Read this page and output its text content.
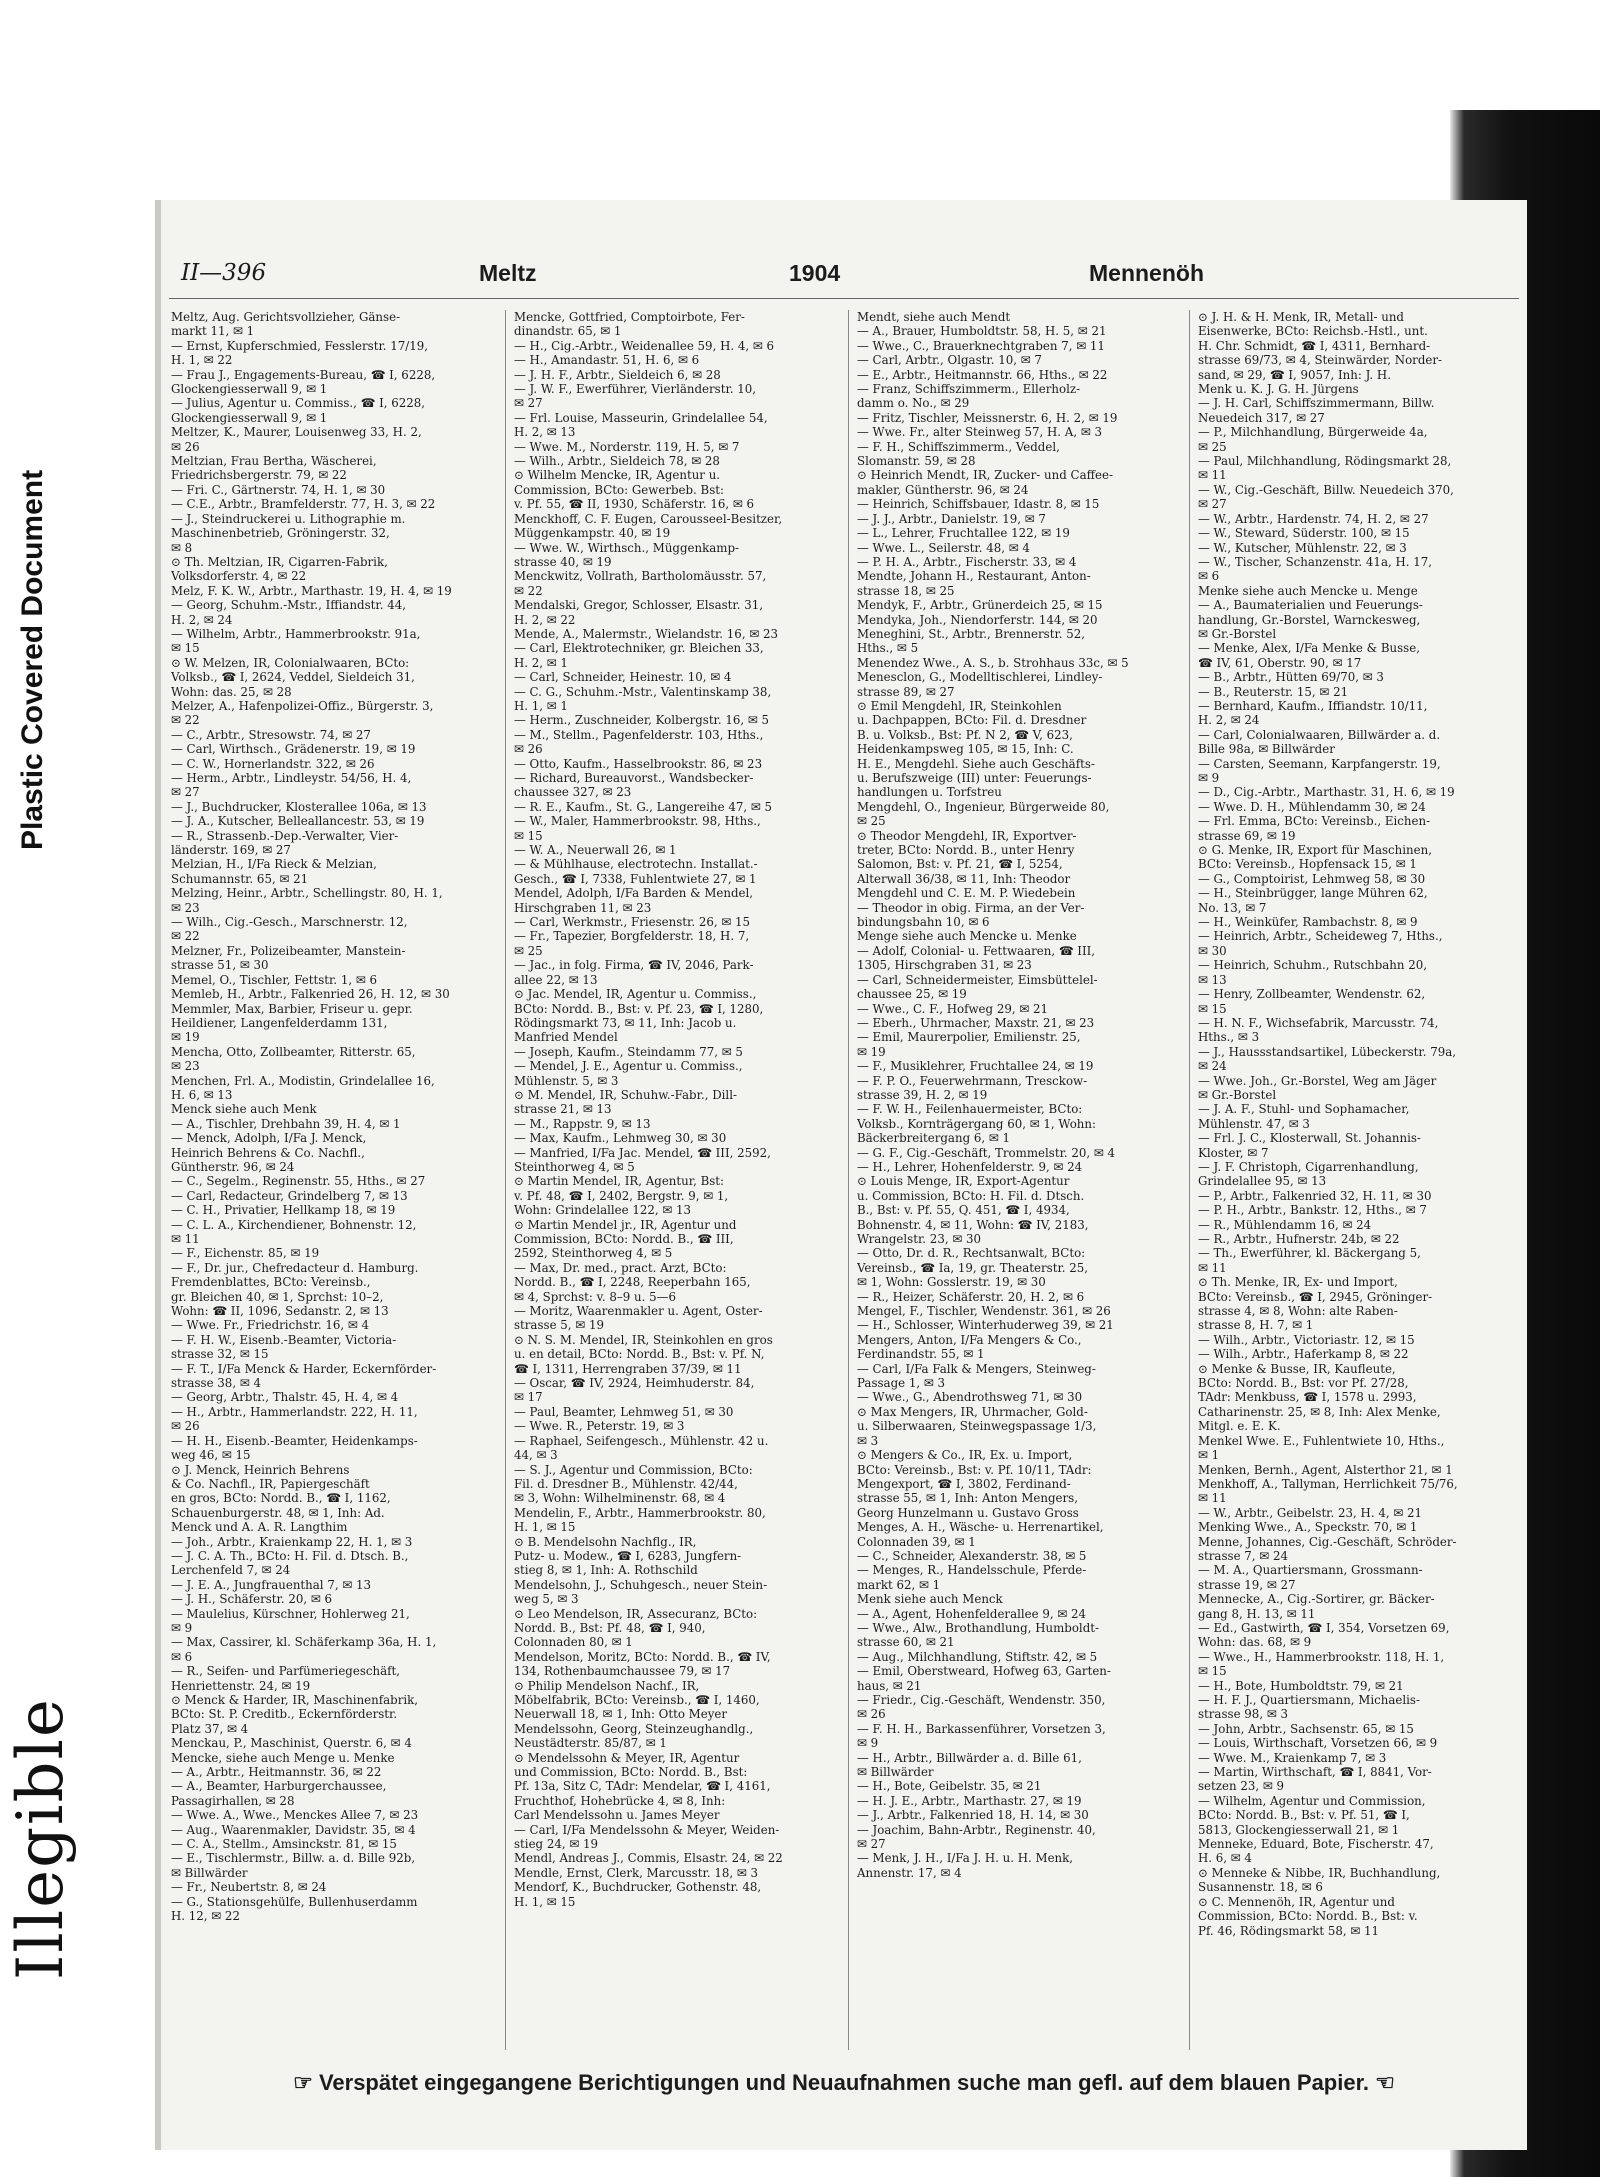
Plastic Covered Document
Illegible
II—396	Meltz	1904	Mennenöh
Meltz, Aug. Gerichtsvollzieher, Gänse-
markt 11, ✉ 1
— Ernst, Kupferschmied, Fesslerstr. 17/19,
H. 1, ✉ 22
— Frau J., Engagements-Bureau, ☎ I, 6228,
Glockengiesserwall 9, ✉ 1
— Julius, Agentur u. Commiss., ☎ I, 6228,
Glockengiesserwall 9, ✉ 1
Meltzer, K., Maurer, Louisenweg 33, H. 2,
✉ 26
Meltzian, Frau Bertha, Wäscherei,
Friedrichsbergerstr. 79, ✉ 22
— Fri. C., Gärtnerstr. 74, H. 1, ✉ 30
— C.E., Arbtr., Bramfelderstr. 77, H. 3, ✉ 22
— J., Steindruckerei u. Lithographie m.
Maschinenbetrieb, Gröningerstr. 32,
✉ 8
⊙ Th. Meltzian, IR, Cigarren-Fabrik,
Volksdorferstr. 4, ✉ 22
Melz, F. K. W., Arbtr., Marthastr. 19, H. 4, ✉ 19
— Georg, Schuhm.-Mstr., Iffiandstr. 44,
H. 2, ✉ 24
— Wilhelm, Arbtr., Hammerbrookstr. 91a,
✉ 15
⊙ W. Melzen, IR, Colonialwaaren, BCto:
Volksb., ☎ I, 2624, Veddel, Sieldeich 31,
Wohn: das. 25, ✉ 28
Melzer, A., Hafenpolizei-Offiz., Bürgerstr. 3,
✉ 22
— C., Arbtr., Stresowstr. 74, ✉ 27
— Carl, Wirthsch., Grädenerstr. 19, ✉ 19
— C. W., Hornerlandstr. 322, ✉ 26
— Herm., Arbtr., Lindleystr. 54/56, H. 4,
✉ 27
— J., Buchdrucker, Klosterallee 106a, ✉ 13
— J. A., Kutscher, Belleallancestr. 53, ✉ 19
— R., Strassenb.-Dep.-Verwalter, Vier-
länderstr. 169, ✉ 27
Melzian, H., I/Fa Rieck & Melzian,
Schumannstr. 65, ✉ 21
Melzing, Heinr., Arbtr., Schellingstr. 80, H. 1,
✉ 23
— Wilh., Cig.-Gesch., Marschnerstr. 12,
✉ 22
Melzner, Fr., Polizeibeamter, Manstein-
strasse 51, ✉ 30
Memel, O., Tischler, Fettstr. 1, ✉ 6
Memleb, H., Arbtr., Falkenried 26, H. 12, ✉ 30
Memmler, Max, Barbier, Friseur u. gepr.
Heildiener, Langenfelderdamm 131,
✉ 19
Mencha, Otto, Zollbeamter, Ritterstr. 65,
✉ 23
Menchen, Frl. A., Modistin, Grindelallee 16,
H. 6, ✉ 13
Menck siehe auch Menk
— A., Tischler, Drehbahn 39, H. 4, ✉ 1
— Menck, Adolph, I/Fa J. Menck,
Heinrich Behrens & Co. Nachfl.,
Güntherstr. 96, ✉ 24
— C., Segelm., Reginenstr. 55, Hths., ✉ 27
— Carl, Redacteur, Grindelberg 7, ✉ 13
— C. H., Privatier, Hellkamp 18, ✉ 19
— C. L. A., Kirchendiener, Bohnenstr. 12,
✉ 11
— F., Eichenstr. 85, ✉ 19
— F., Dr. jur., Chefredacteur d. Hamburg.
Fremdenblattes, BCto: Vereinsb.,
gr. Bleichen 40, ✉ 1, Sprchst: 10–2,
Wohn: ☎ II, 1096, Sedanstr. 2, ✉ 13
— Wwe. Fr., Friedrichstr. 16, ✉ 4
— F. H. W., Eisenb.-Beamter, Victoria-
strasse 32, ✉ 15
— F. T., I/Fa Menck & Harder, Eckernförder-
strasse 38, ✉ 4
— Georg, Arbtr., Thalstr. 45, H. 4, ✉ 4
— H., Arbtr., Hammerlandstr. 222, H. 11,
✉ 26
— H. H., Eisenb.-Beamter, Heidenkamps-
weg 46, ✉ 15
⊙ J. Menck, Heinrich Behrens
& Co. Nachfl., IR, Papiergeschäft
en gros, BCto: Nordd. B., ☎ I, 1162,
Schauenburgerstr. 48, ✉ 1, Inh: Ad.
Menck und A. A. R. Langthim
— Joh., Arbtr., Kraienkamp 22, H. 1, ✉ 3
— J. C. A. Th., BCto: H. Fil. d. Dtsch. B.,
Lerchenfeld 7, ✉ 24
— J. E. A., Jungfrauenthal 7, ✉ 13
— J. H., Schäferstr. 20, ✉ 6
— Maulelius, Kürschner, Hohlerweg 21,
✉ 9
— Max, Cassirer, kl. Schäferkamp 36a, H. 1,
✉ 6
— R., Seifen- und Parfümeriegeschäft,
Henriettenstr. 24, ✉ 19
⊙ Menck & Harder, IR, Maschinenfabrik,
BCto: St. P. Creditb., Eckernförderstr.
Platz 37, ✉ 4
Menckau, P., Maschinist, Querstr. 6, ✉ 4
Mencke, siehe auch Menge u. Menke
— A., Arbtr., Heitmannstr. 36, ✉ 22
— A., Beamter, Harburgerchaussee,
Passagirhallen, ✉ 28
— Wwe. A., Wwe., Menckes Allee 7, ✉ 23
— Aug., Waarenmakler, Davidstr. 35, ✉ 4
— C. A., Stellm., Amsinckstr. 81, ✉ 15
— E., Tischlermstr., Billw. a. d. Bille 92b,
✉ Billwärder
— Fr., Neubertstr. 8, ✉ 24
— G., Stationsgehülfe, Bullenhuserdamm
H. 12, ✉ 22
Mencke, Gottfried, Comptoirbote, Fer-
dinandstr. 65, ✉ 1
— H., Cig.-Arbtr., Weidenallee 59, H. 4, ✉ 6
— H., Amandastr. 51, H. 6, ✉ 6
— J. H. F., Arbtr., Sieldeich 6, ✉ 28
— J. W. F., Ewerführer, Vierländerstr. 10,
✉ 27
— Frl. Louise, Masseurin, Grindelallee 54,
H. 2, ✉ 13
— Wwe. M., Norderstr. 119, H. 5, ✉ 7
— Wilh., Arbtr., Sieldeich 78, ✉ 28
⊙ Wilhelm Mencke, IR, Agentur u.
Commission, BCto: Gewerbeb. Bst:
v. Pf. 55, ☎ II, 1930, Schäferstr. 16, ✉ 6
Menckhoff, C. F. Eugen, Carousseel-Besitzer,
Müggenkampstr. 40, ✉ 19
— Wwe. W., Wirthsch., Müggenkamp-
strasse 40, ✉ 19
Menckwitz, Vollrath, Bartholomäusstr. 57,
✉ 22
Mendalski, Gregor, Schlosser, Elsastr. 31,
H. 2, ✉ 22
Mende, A., Malermstr., Wielandstr. 16, ✉ 23
— Carl, Elektrotechniker, gr. Bleichen 33,
H. 2, ✉ 1
— Carl, Schneider, Heinestr. 10, ✉ 4
— C. G., Schuhm.-Mstr., Valentinskamp 38,
H. 1, ✉ 1
— Herm., Zuschneider, Kolbergstr. 16, ✉ 5
— M., Stellm., Pagenfelderstr. 103, Hths.,
✉ 26
— Otto, Kaufm., Hasselbrookstr. 86, ✉ 23
— Richard, Bureauvorst., Wandsbecker-
chaussee 327, ✉ 23
— R. E., Kaufm., St. G., Langereihe 47, ✉ 5
— W., Maler, Hammerbrookstr. 98, Hths.,
✉ 15
— W. A., Neuerwall 26, ✉ 1
— & Mühlhause, electrotechn. Installat.-
Gesch., ☎ I, 7338, Fuhlentwiete 27, ✉ 1
Mendel, Adolph, I/Fa Barden & Mendel,
Hirschgraben 11, ✉ 23
— Carl, Werkmstr., Friesenstr. 26, ✉ 15
— Fr., Tapezier, Borgfelderstr. 18, H. 7,
✉ 25
— Jac., in folg. Firma, ☎ IV, 2046, Park-
allee 22, ✉ 13
⊙ Jac. Mendel, IR, Agentur u. Commiss.,
BCto: Nordd. B., Bst: v. Pf. 23, ☎ I, 1280,
Rödingsmarkt 73, ✉ 11, Inh: Jacob u.
Manfried Mendel
— Joseph, Kaufm., Steindamm 77, ✉ 5
— Mendel, J. E., Agentur u. Commiss.,
Mühlenstr. 5, ✉ 3
⊙ M. Mendel, IR, Schuhw.-Fabr., Dill-
strasse 21, ✉ 13
— M., Rappstr. 9, ✉ 13
— Max, Kaufm., Lehmweg 30, ✉ 30
— Manfried, I/Fa Jac. Mendel, ☎ III, 2592,
Steinthorweg 4, ✉ 5
⊙ Martin Mendel, IR, Agentur, Bst:
v. Pf. 48, ☎ I, 2402, Bergstr. 9, ✉ 1,
Wohn: Grindelallee 122, ✉ 13
⊙ Martin Mendel jr., IR, Agentur und
Commission, BCto: Nordd. B., ☎ III,
2592, Steinthorweg 4, ✉ 5
— Max, Dr. med., pract. Arzt, BCto:
Nordd. B., ☎ I, 2248, Reeperbahn 165,
✉ 4, Sprchst: v. 8–9 u. 5—6
— Moritz, Waarenmakler u. Agent, Oster-
strasse 5, ✉ 19
⊙ N. S. M. Mendel, IR, Steinkohlen en gros
u. en detail, BCto: Nordd. B., Bst: v. Pf. N,
☎ I, 1311, Herrengraben 37/39, ✉ 11
— Oscar, ☎ IV, 2924, Heimhuderstr. 84,
✉ 17
— Paul, Beamter, Lehmweg 51, ✉ 30
— Wwe. R., Peterstr. 19, ✉ 3
— Raphael, Seifengesch., Mühlenstr. 42 u.
44, ✉ 3
— S. J., Agentur und Commission, BCto:
Fil. d. Dresdner B., Mühlenstr. 42/44,
✉ 3, Wohn: Wilhelminenstr. 68, ✉ 4
Mendelin, F., Arbtr., Hammerbrookstr. 80,
H. 1, ✉ 15
⊙ B. Mendelsohn Nachflg., IR,
Putz- u. Modew., ☎ I, 6283, Jungfern-
stieg 8, ✉ 1, Inh: A. Rothschild
Mendelsohn, J., Schuhgesch., neuer Stein-
weg 5, ✉ 3
⊙ Leo Mendelson, IR, Assecuranz, BCto:
Nordd. B., Bst: Pf. 48, ☎ I, 940,
Colonnaden 80, ✉ 1
Mendelson, Moritz, BCto: Nordd. B., ☎ IV,
134, Rothenbaumchaussee 79, ✉ 17
⊙ Philip Mendelson Nachf., IR,
Möbelfabrik, BCto: Vereinsb., ☎ I, 1460,
Neuerwall 18, ✉ 1, Inh: Otto Meyer
Mendelssohn, Georg, Steinzeughandlg.,
Neustädterstr. 85/87, ✉ 1
⊙ Mendelssohn & Meyer, IR, Agentur
und Commission, BCto: Nordd. B., Bst:
Pf. 13a, Sitz C, TAdr: Mendelar, ☎ I, 4161,
Fruchthof, Hohebrücke 4, ✉ 8, Inh:
Carl Mendelssohn u. James Meyer
— Carl, I/Fa Mendelssohn & Meyer, Weiden-
stieg 24, ✉ 19
Mendl, Andreas J., Commis, Elsastr. 24, ✉ 22
Mendle, Ernst, Clerk, Marcusstr. 18, ✉ 3
Mendorf, K., Buchdrucker, Gothenstr. 48,
H. 1, ✉ 15
Mendt, siehe auch Mendt
— A., Brauer, Humboldtstr. 58, H. 5, ✉ 21
— Wwe., C., Brauerknechtgraben 7, ✉ 11
— Carl, Arbtr., Olgastr. 10, ✉ 7
— E., Arbtr., Heitmannstr. 66, Hths., ✉ 22
— Franz, Schiffszimmerm., Ellerholz-
damm o. No., ✉ 29
— Fritz, Tischler, Meissnerstr. 6, H. 2, ✉ 19
— Wwe. Fr., alter Steinweg 57, H. A, ✉ 3
— F. H., Schiffszimmerm., Veddel,
Slomanstr. 59, ✉ 28
⊙ Heinrich Mendt, IR, Zucker- und Caffee-
makler, Güntherstr. 96, ✉ 24
— Heinrich, Schiffsbauer, Idastr. 8, ✉ 15
— J. J., Arbtr., Danielstr. 19, ✉ 7
— L., Lehrer, Fruchtallee 122, ✉ 19
— Wwe. L., Seilerstr. 48, ✉ 4
— P. H. A., Arbtr., Fischerstr. 33, ✉ 4
Mendte, Johann H., Restaurant, Anton-
strasse 18, ✉ 25
Mendyk, F., Arbtr., Grünerdeich 25, ✉ 15
Mendyka, Joh., Niendorferstr. 144, ✉ 20
Meneghini, St., Arbtr., Brennerstr. 52,
Hths., ✉ 5
Menendez Wwe., A. S., b. Strohhaus 33c, ✉ 5
Menesclon, G., Modelltischlerei, Lindley-
strasse 89, ✉ 27
⊙ Emil Mengdehl, IR, Steinkohlen
u. Dachpappen, BCto: Fil. d. Dresdner
B. u. Volksb., Bst: Pf. N 2, ☎ V, 623,
Heidenkampsweg 105, ✉ 15, Inh: C.
H. E., Mengdehl. Siehe auch Geschäfts-
u. Berufszweige (III) unter: Feuerungs-
handlungen u. Torfstreu
Mengdehl, O., Ingenieur, Bürgerweide 80,
✉ 25
⊙ Theodor Mengdehl, IR, Exportver-
treter, BCto: Nordd. B., unter Henry
Salomon, Bst: v. Pf. 21, ☎ I, 5254,
Alterwall 36/38, ✉ 11, Inh: Theodor
Mengdehl und C. E. M. P. Wiedebein
— Theodor in obig. Firma, an der Ver-
bindungsbahn 10, ✉ 6
Menge siehe auch Mencke u. Menke
— Adolf, Colonial- u. Fettwaaren, ☎ III,
1305, Hirschgraben 31, ✉ 23
— Carl, Schneidermeister, Eimsbüttelel-
chaussee 25, ✉ 19
— Wwe., C. F., Hofweg 29, ✉ 21
— Eberh., Uhrmacher, Maxstr. 21, ✉ 23
— Emil, Maurerpolier, Emilienstr. 25,
✉ 19
— F., Musiklehrer, Fruchtallee 24, ✉ 19
— F. P. O., Feuerwehrmann, Tresckow-
strasse 39, H. 2, ✉ 19
— F. W. H., Feilenhauermeister, BCto:
Volksb., Kornträgergang 60, ✉ 1, Wohn:
Bäckerbreitergang 6, ✉ 1
— G. F., Cig.-Geschäft, Trommelstr. 20, ✉ 4
— H., Lehrer, Hohenfelderstr. 9, ✉ 24
⊙ Louis Menge, IR, Export-Agentur
u. Commission, BCto: H. Fil. d. Dtsch.
B., Bst: v. Pf. 55, Q. 451, ☎ I, 4934,
Bohnenstr. 4, ✉ 11, Wohn: ☎ IV, 2183,
Wrangelstr. 23, ✉ 30
— Otto, Dr. d. R., Rechtsanwalt, BCto:
Vereinsb., ☎ Ia, 19, gr. Theaterstr. 25,
✉ 1, Wohn: Gosslerstr. 19, ✉ 30
— R., Heizer, Schäferstr. 20, H. 2, ✉ 6
Mengel, F., Tischler, Wendenstr. 361, ✉ 26
— H., Schlosser, Winterhuderweg 39, ✉ 21
Mengers, Anton, I/Fa Mengers & Co.,
Ferdinandstr. 55, ✉ 1
— Carl, I/Fa Falk & Mengers, Steinweg-
Passage 1, ✉ 3
— Wwe., G., Abendrothsweg 71, ✉ 30
⊙ Max Mengers, IR, Uhrmacher, Gold-
u. Silberwaaren, Steinwegspassage 1/3,
✉ 3
⊙ Mengers & Co., IR, Ex. u. Import,
BCto: Vereinsb., Bst: v. Pf. 10/11, TAdr:
Mengexport, ☎ I, 3802, Ferdinand-
strasse 55, ✉ 1, Inh: Anton Mengers,
Georg Hunzelmann u. Gustavo Gross
Menges, A. H., Wäsche- u. Herrenartikel,
Colonnaden 39, ✉ 1
— C., Schneider, Alexanderstr. 38, ✉ 5
— Menges, R., Handelsschule, Pferde-
markt 62, ✉ 1
Menk siehe auch Menck
— A., Agent, Hohenfelderallee 9, ✉ 24
— Wwe., Alw., Brothandlung, Humboldt-
strasse 60, ✉ 21
— Aug., Milchhandlung, Stiftstr. 42, ✉ 5
— Emil, Oberstweard, Hofweg 63, Garten-
haus, ✉ 21
— Friedr., Cig.-Geschäft, Wendenstr. 350,
✉ 26
— F. H. H., Barkassenführer, Vorsetzen 3,
✉ 9
— H., Arbtr., Billwärder a. d. Bille 61,
✉ Billwärder
— H., Bote, Geibelstr. 35, ✉ 21
— H. J. E., Arbtr., Marthastr. 27, ✉ 19
— J., Arbtr., Falkenried 18, H. 14, ✉ 30
— Joachim, Bahn-Arbtr., Reginenstr. 40,
✉ 27
— Menk, J. H., I/Fa J. H. u. H. Menk,
Annenstr. 17, ✉ 4
⊙ J. H. & H. Menk, IR, Metall- und
Eisenwerke, BCto: Reichsb.-Hstl., unt.
H. Chr. Schmidt, ☎ I, 4311, Bernhard-
strasse 69/73, ✉ 4, Steinwärder, Norder-
sand, ✉ 29, ☎ I, 9057, Inh: J. H.
Menk u. K. J. G. H. Jürgens
— J. H. Carl, Schiffszimmermann, Billw.
Neuedeich 317, ✉ 27
— P., Milchhandlung, Bürgerweide 4a,
✉ 25
— Paul, Milchhandlung, Rödingsmarkt 28,
✉ 11
— W., Cig.-Geschäft, Billw. Neuedeich 370,
✉ 27
— W., Arbtr., Hardenstr. 74, H. 2, ✉ 27
— W., Steward, Süderstr. 100, ✉ 15
— W., Kutscher, Mühlenstr. 22, ✉ 3
— W., Tischer, Schanzenstr. 41a, H. 17,
✉ 6
Menke siehe auch Mencke u. Menge
— A., Baumaterialien und Feuerungs-
handlung, Gr.-Borstel, Warnckesweg,
✉ Gr.-Borstel
— Menke, Alex, I/Fa Menke & Busse,
☎ IV, 61, Oberstr. 90, ✉ 17
— B., Arbtr., Hütten 69/70, ✉ 3
— B., Reuterstr. 15, ✉ 21
— Bernhard, Kaufm., Iffiandstr. 10/11,
H. 2, ✉ 24
— Carl, Colonialwaaren, Billwärder a. d.
Bille 98a, ✉ Billwärder
— Carsten, Seemann, Karpfangerstr. 19,
✉ 9
— D., Cig.-Arbtr., Marthastr. 31, H. 6, ✉ 19
— Wwe. D. H., Mühlendamm 30, ✉ 24
— Frl. Emma, BCto: Vereinsb., Eichen-
strasse 69, ✉ 19
⊙ G. Menke, IR, Export für Maschinen,
BCto: Vereinsb., Hopfensack 15, ✉ 1
— G., Comptoirist, Lehmweg 58, ✉ 30
— H., Steinbrügger, lange Mühren 62,
No. 13, ✉ 7
— H., Weinküfer, Rambachstr. 8, ✉ 9
— Heinrich, Arbtr., Scheideweg 7, Hths.,
✉ 30
— Heinrich, Schuhm., Rutschbahn 20,
✉ 13
— Henry, Zollbeamter, Wendenstr. 62,
✉ 15
— H. N. F., Wichsefabrik, Marcusstr. 74,
Hths., ✉ 3
— J., Haussstandsartikel, Lübeckerstr. 79a,
✉ 24
— Wwe. Joh., Gr.-Borstel, Weg am Jäger
✉ Gr.-Borstel
— J. A. F., Stuhl- und Sophamacher,
Mühlenstr. 47, ✉ 3
— Frl. J. C., Klosterwall, St. Johannis-
Kloster, ✉ 7
— J. F. Christoph, Cigarrenhandlung,
Grindelallee 95, ✉ 13
— P., Arbtr., Falkenried 32, H. 11, ✉ 30
— P. H., Arbtr., Bankstr. 12, Hths., ✉ 7
— R., Mühlendamm 16, ✉ 24
— R., Arbtr., Hufnerstr. 24b, ✉ 22
— Th., Ewerführer, kl. Bäckergang 5,
✉ 11
⊙ Th. Menke, IR, Ex- und Import,
BCto: Vereinsb., ☎ I, 2945, Gröninger-
strasse 4, ✉ 8, Wohn: alte Raben-
strasse 8, H. 7, ✉ 1
— Wilh., Arbtr., Victoriastr. 12, ✉ 15
— Wilh., Arbtr., Haferkamp 8, ✉ 22
⊙ Menke & Busse, IR, Kaufleute,
BCto: Nordd. B., Bst: vor Pf. 27/28,
TAdr: Menkbuss, ☎ I, 1578 u. 2993,
Catharinenstr. 25, ✉ 8, Inh: Alex Menke,
Mitgl. e. E. K.
Menkel Wwe. E., Fuhlentwiete 10, Hths.,
✉ 1
Menken, Bernh., Agent, Alsterthor 21, ✉ 1
Menkhoff, A., Tallyman, Herrlichkeit 75/76,
✉ 11
— W., Arbtr., Geibelstr. 23, H. 4, ✉ 21
Menking Wwe., A., Speckstr. 70, ✉ 1
Menne, Johannes, Cig.-Geschäft, Schröder-
strasse 7, ✉ 24
— M. A., Quartiersmann, Grossmann-
strasse 19, ✉ 27
Mennecke, A., Cig.-Sortirer, gr. Bäcker-
gang 8, H. 13, ✉ 11
— Ed., Gastwirth, ☎ I, 354, Vorsetzen 69,
Wohn: das. 68, ✉ 9
— Wwe., H., Hammerbrookstr. 118, H. 1,
✉ 15
— H., Bote, Humboldtstr. 79, ✉ 21
— H. F. J., Quartiersmann, Michaelis-
strasse 98, ✉ 3
— John, Arbtr., Sachsenstr. 65, ✉ 15
— Louis, Wirthschaft, Vorsetzen 66, ✉ 9
— Wwe. M., Kraienkamp 7, ✉ 3
— Martin, Wirthschaft, ☎ I, 8841, Vor-
setzen 23, ✉ 9
— Wilhelm, Agentur und Commission,
BCto: Nordd. B., Bst: v. Pf. 51, ☎ I,
5813, Glockengiesserwall 21, ✉ 1
Menneke, Eduard, Bote, Fischerstr. 47,
H. 6, ✉ 4
⊙ Menneke & Nibbe, IR, Buchhandlung,
Susannenstr. 18, ✉ 6
⊙ C. Mennenöh, IR, Agentur und
Commission, BCto: Nordd. B., Bst: v.
Pf. 46, Rödingsmarkt 58, ✉ 11
☞ Verspätet eingegangene Berichtigungen und Neuaufnahmen suche man gefl. auf dem blauen Papier. ☜
